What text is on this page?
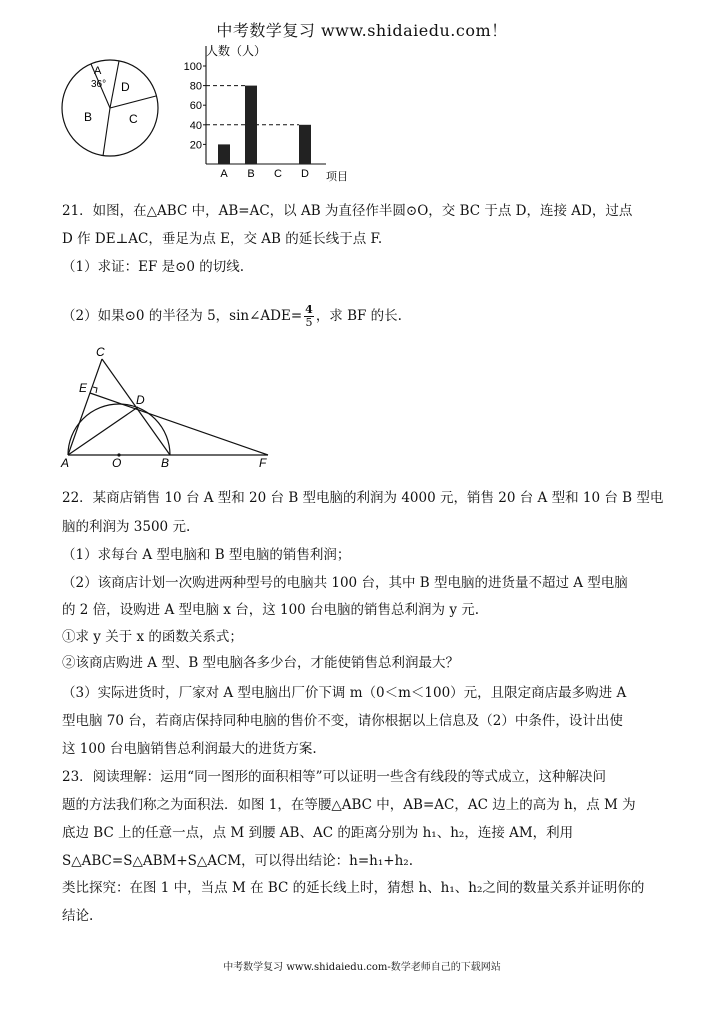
中考数学复习 www.shidaiedu.com！
A
36° D
B	C
人数（人）
项目
100
80
60
40
20
A B C D
21．如图，在△ABC 中，AB=AC，以 AB 为直径作半圆⊙O，交 BC 于点 D，连接 AD，过点
D 作 DE⊥AC，垂足为点 E，交 AB 的延长线于点 F.
（1）求证：EF 是⊙0 的切线.
（2）如果⊙0 的半径为 5，sin∠ADE= $\frac{4}{5}$ ，求 BF 的长.
C
E
D
A	O	B	F
22．某商店销售 10 台 A 型和 20 台 B 型电脑的利润为 4000 元，销售 20 台 A 型和 10 台 B 型电
脑的利润为 3500 元.
（1）求每台 A 型电脑和 B 型电脑的销售利润；
（2）该商店计划一次购进两种型号的电脑共 100 台，其中 B 型电脑的进货量不超过 A 型电脑
的 2 倍，设购进 A 型电脑 x 台，这 100 台电脑的销售总利润为 y 元.
①求 y 关于 x 的函数关系式；
②该商店购进 A 型、B 型电脑各多少台，才能使销售总利润最大？
（3）实际进货时，厂家对 A 型电脑出厂价下调 m（0＜m＜100）元，且限定商店最多购进 A
型电脑 70 台，若商店保持同种电脑的售价不变，请你根据以上信息及（2）中条件，设计出使
这 100 台电脑销售总利润最大的进货方案.
23．阅读理解：运用“同一图形的面积相等”可以证明一些含有线段的等式成立，这种解决问
题的方法我们称之为面积法．如图 1，在等腰△ABC 中，AB=AC，AC 边上的高为 h，点 M 为
底边 BC 上的任意一点，点 M 到腰 AB、AC 的距离分别为 h₁、h₂，连接 AM，利用
S△ABC=S△ABM+S△ACM，可以得出结论：h=h₁+h₂.
类比探究：在图 1 中，当点 M 在 BC 的延长线上时，猜想 h、h₁、h₂之间的数量关系并证明你的
结论.
中考数学复习 www.shidaiedu.com-数学老师自己的下载网站
